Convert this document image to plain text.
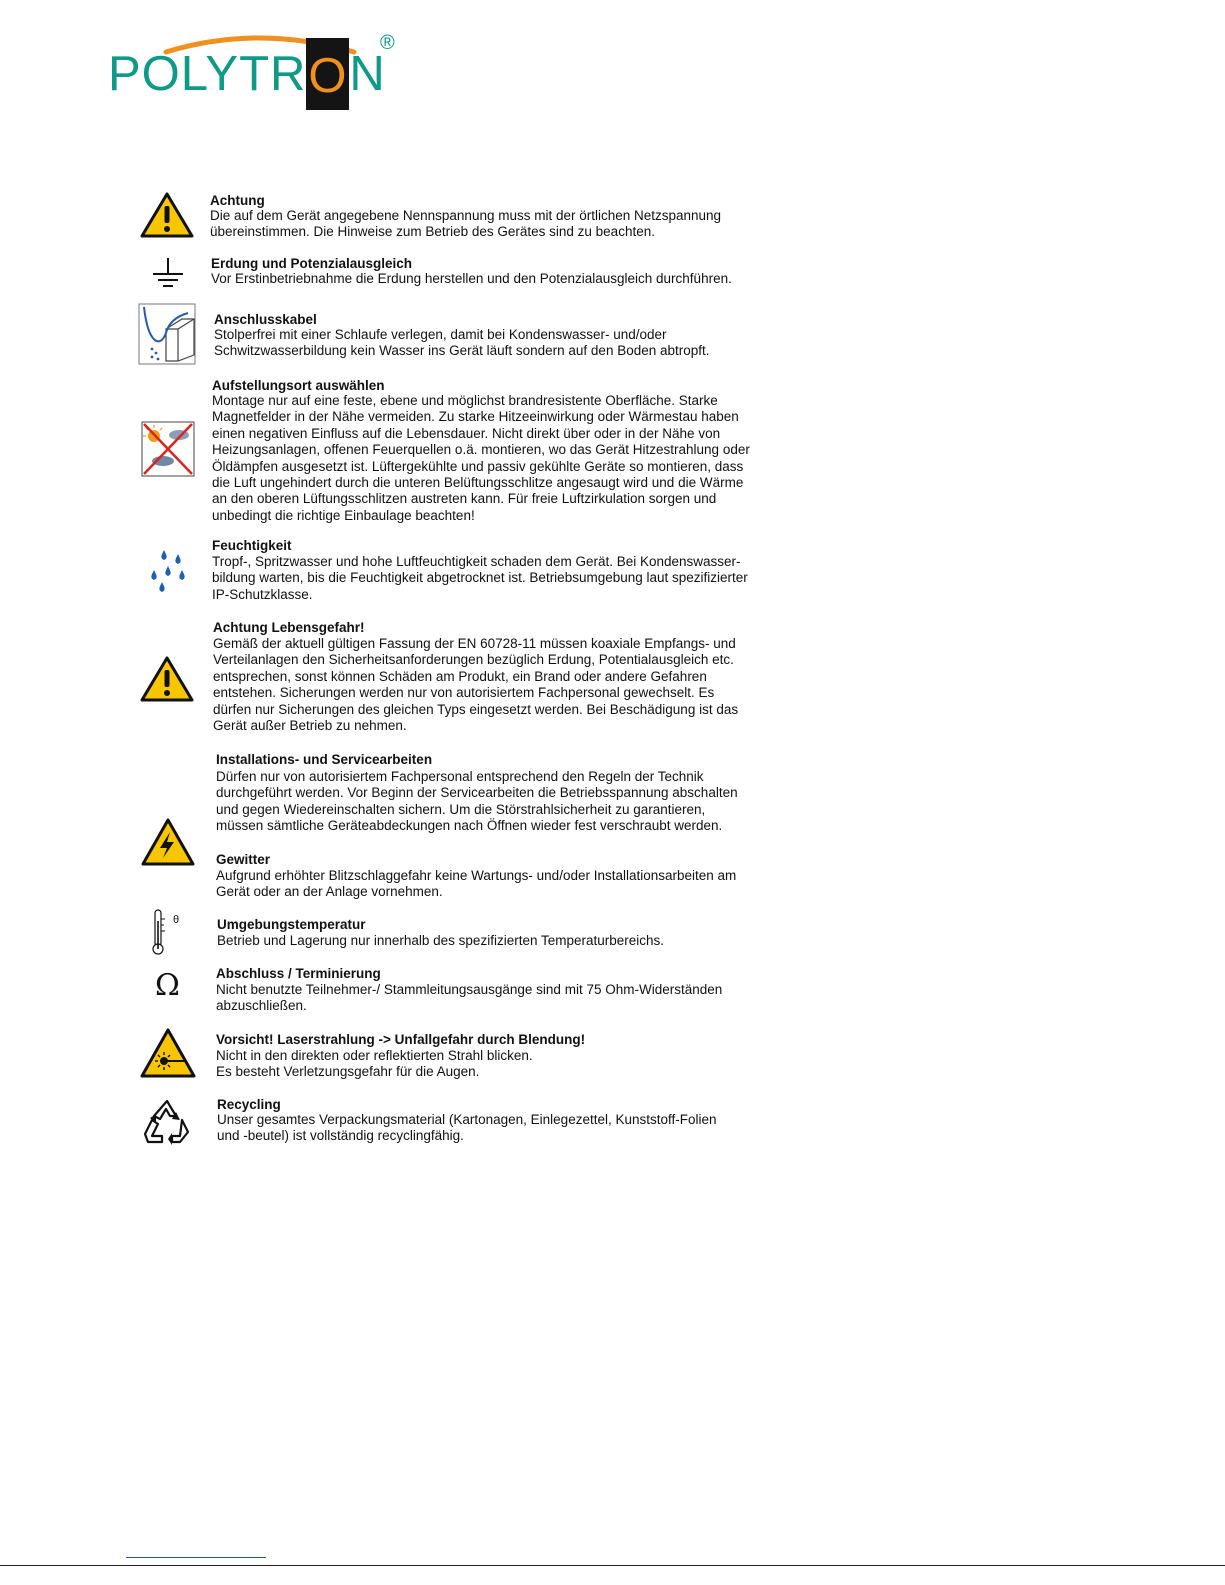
POLYTR O N
®
Achtung
Die auf dem Gerät angegebene Nennspannung muss mit der örtlichen Netzspannung
übereinstimmen. Die Hinweise zum Betrieb des Gerätes sind zu beachten.
Erdung und Potenzialausgleich
Vor Erstinbetriebnahme die Erdung herstellen und den Potenzialausgleich durchführen.
Anschlusskabel
Stolperfrei mit einer Schlaufe verlegen, damit bei Kondenswasser- und/oder
Schwitzwasserbildung kein Wasser ins Gerät läuft sondern auf den Boden abtropft.
Aufstellungsort auswählen
Montage nur auf eine feste, ebene und möglichst brandresistente Oberfläche. Starke
Magnetfelder in der Nähe vermeiden. Zu starke Hitzeeinwirkung oder Wärmestau haben
einen negativen Einfluss auf die Lebensdauer. Nicht direkt über oder in der Nähe von
Heizungsanlagen, offenen Feuerquellen o.ä. montieren, wo das Gerät Hitzestrahlung oder
Öldämpfen ausgesetzt ist. Lüftergekühlte und passiv gekühlte Geräte so montieren, dass
die Luft ungehindert durch die unteren Belüftungsschlitze angesaugt wird und die Wärme
an den oberen Lüftungsschlitzen austreten kann. Für freie Luftzirkulation sorgen und
unbedingt die richtige Einbaulage beachten!
Feuchtigkeit
Tropf-, Spritzwasser und hohe Luftfeuchtigkeit schaden dem Gerät. Bei Kondenswasser-
bildung warten, bis die Feuchtigkeit abgetrocknet ist. Betriebsumgebung laut spezifizierter
IP-Schutzklasse.
Achtung Lebensgefahr!
Gemäß der aktuell gültigen Fassung der EN 60728-11 müssen koaxiale Empfangs- und
Verteilanlagen den Sicherheitsanforderungen bezüglich Erdung, Potentialausgleich etc.
entsprechen, sonst können Schäden am Produkt, ein Brand oder andere Gefahren
entstehen. Sicherungen werden nur von autorisiertem Fachpersonal gewechselt. Es
dürfen nur Sicherungen des gleichen Typs eingesetzt werden. Bei Beschädigung ist das
Gerät außer Betrieb zu nehmen.
Installations- und Servicearbeiten
Dürfen nur von autorisiertem Fachpersonal entsprechend den Regeln der Technik
durchgeführt werden. Vor Beginn der Servicearbeiten die Betriebsspannung abschalten
und gegen Wiedereinschalten sichern. Um die Störstrahlsicherheit zu garantieren,
müssen sämtliche Geräteabdeckungen nach Öffnen wieder fest verschraubt werden.
Gewitter
Aufgrund erhöhter Blitzschlaggefahr keine Wartungs- und/oder Installationsarbeiten am
Gerät oder an der Anlage vornehmen.
θ	Umgebungstemperatur
Betrieb und Lagerung nur innerhalb des spezifizierten Temperaturbereichs.
Ω	Abschluss / Terminierung
Nicht benutzte Teilnehmer-/ Stammleitungsausgänge sind mit 75 Ohm-Widerständen
abzuschließen.
Vorsicht! Laserstrahlung -> Unfallgefahr durch Blendung!
Nicht in den direkten oder reflektierten Strahl blicken.
Es besteht Verletzungsgefahr für die Augen.
Recycling
Unser gesamtes Verpackungsmaterial (Kartonagen, Einlegezettel, Kunststoff-Folien
und -beutel) ist vollständig recyclingfähig.
